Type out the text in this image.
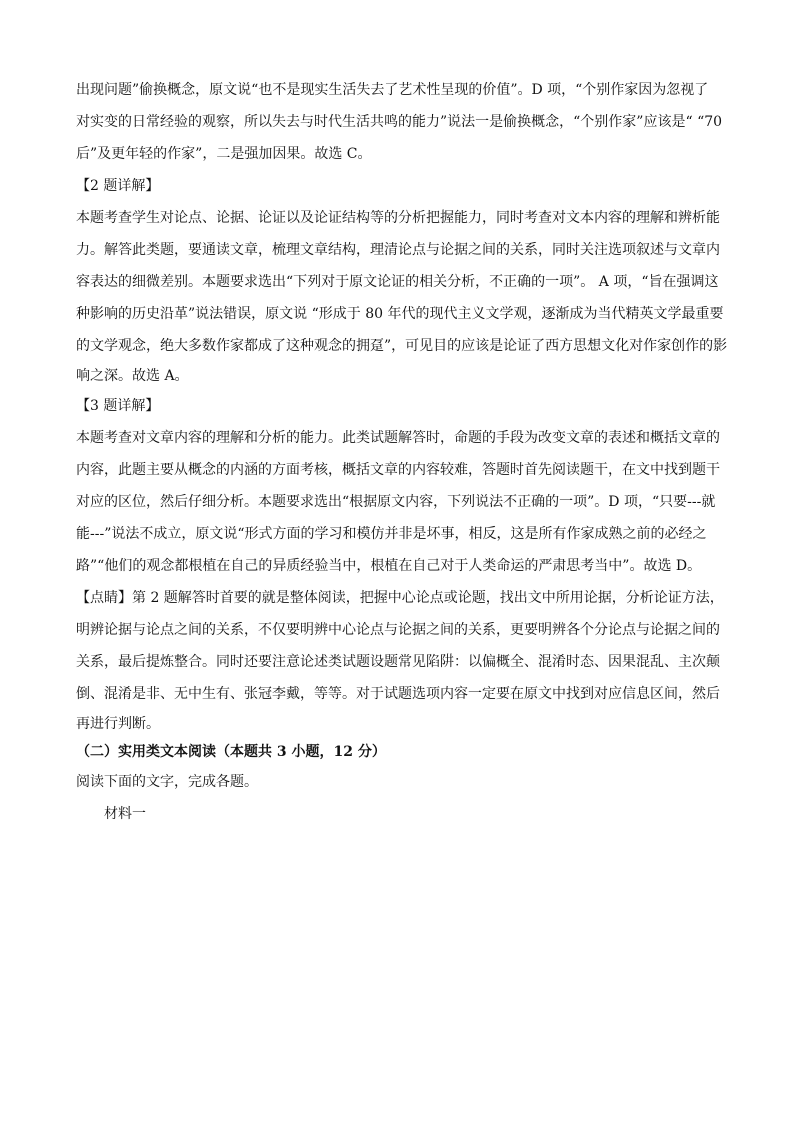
出现问题”偷换概念，原文说“也不是现实生活失去了艺术性呈现的价值”。D 项，“个别作家因为忽视了
对实变的日常经验的观察，所以失去与时代生活共鸣的能力”说法一是偷换概念，“个别作家”应该是“ “70
后”及更年轻的作家”，二是强加因果。故选 C。
【2 题详解】
本题考查学生对论点、论据、论证以及论证结构等的分析把握能力，同时考查对文本内容的理解和辨析能
力。解答此类题，要通读文章，梳理文章结构，理清论点与论据之间的关系，同时关注选项叙述与文章内
容表达的细微差别。本题要求选出“下列对于原文论证的相关分析，不正确的一项”。 A 项，“旨在强调这
种影响的历史沿革”说法错误，原文说 “形成于 80 年代的现代主义文学观，逐渐成为当代精英文学最重要
的文学观念，绝大多数作家都成了这种观念的拥趸”，可见目的应该是论证了西方思想文化对作家创作的影
响之深。故选 A。
【3 题详解】
本题考查对文章内容的理解和分析的能力。此类试题解答时，命题的手段为改变文章的表述和概括文章的
内容，此题主要从概念的内涵的方面考核，概括文章的内容较难，答题时首先阅读题干，在文中找到题干
对应的区位，然后仔细分析。本题要求选出“根据原文内容，下列说法不正确的一项”。D 项，“只要---就
能---”说法不成立，原文说“形式方面的学习和模仿并非是坏事，相反，这是所有作家成熟之前的必经之
路”“他们的观念都根植在自己的异质经验当中，根植在自己对于人类命运的严肃思考当中”。故选 D。
【点睛】第 2 题解答时首要的就是整体阅读，把握中心论点或论题，找出文中所用论据，分析论证方法，
明辨论据与论点之间的关系，不仅要明辨中心论点与论据之间的关系，更要明辨各个分论点与论据之间的
关系，最后提炼整合。同时还要注意论述类试题设题常见陷阱：以偏概全、混淆时态、因果混乱、主次颠
倒、混淆是非、无中生有、张冠李戴，等等。对于试题选项内容一定要在原文中找到对应信息区间，然后
再进行判断。
（二）实用类文本阅读（本题共 3 小题，12 分）
阅读下面的文字，完成各题。
材料一
